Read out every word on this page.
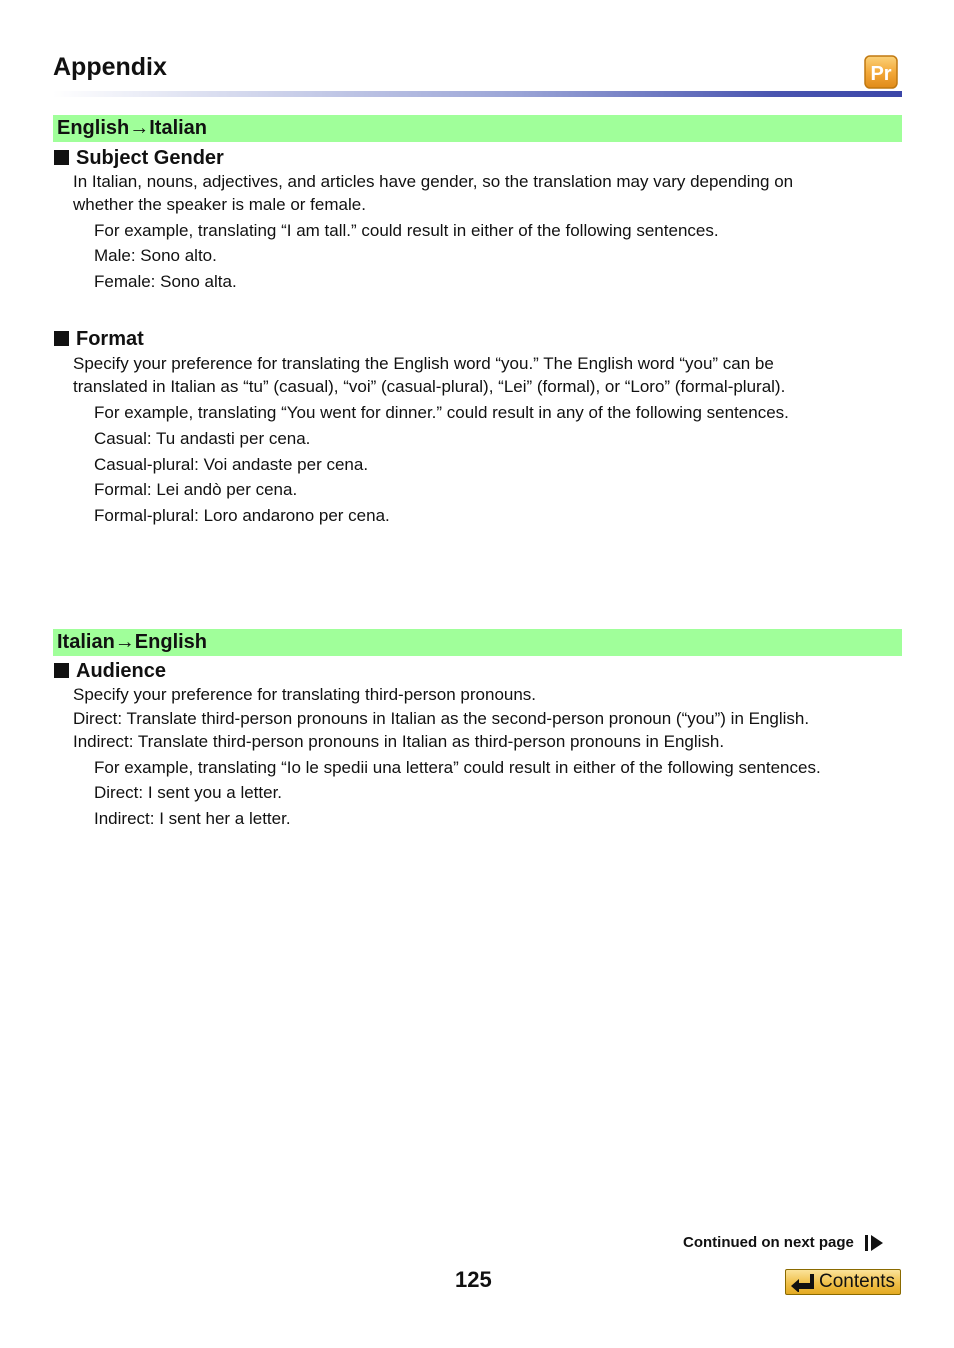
Appendix	Pr
English→Italian
Subject Gender

In Italian, nouns, adjectives, and articles have gender, so the translation may vary depending on

whether the speaker is male or female.

For example, translating “I am tall.” could result in either of the following sentences.

Male: Sono alto.

Female: Sono alta.

Format

Specify your preference for translating the English word “you.” The English word “you” can be

translated in Italian as “tu” (casual), “voi” (casual-plural), “Lei” (formal), or “Loro” (formal-plural).

For example, translating “You went for dinner.” could result in any of the following sentences.

Casual: Tu andasti per cena.

Casual-plural: Voi andaste per cena.

Formal: Lei andò per cena.

Formal-plural: Loro andarono per cena.

Italian→English
Audience

Specify your preference for translating third-person pronouns.

Direct: Translate third-person pronouns in Italian as the second-person pronoun (“you”) in English.

Indirect: Translate third-person pronouns in Italian as third-person pronouns in English.

For example, translating “Io le spedii una lettera” could result in either of the following sentences.

Direct: I sent you a letter.

Indirect: I sent her a letter.

Continued on next page
125	Contents
